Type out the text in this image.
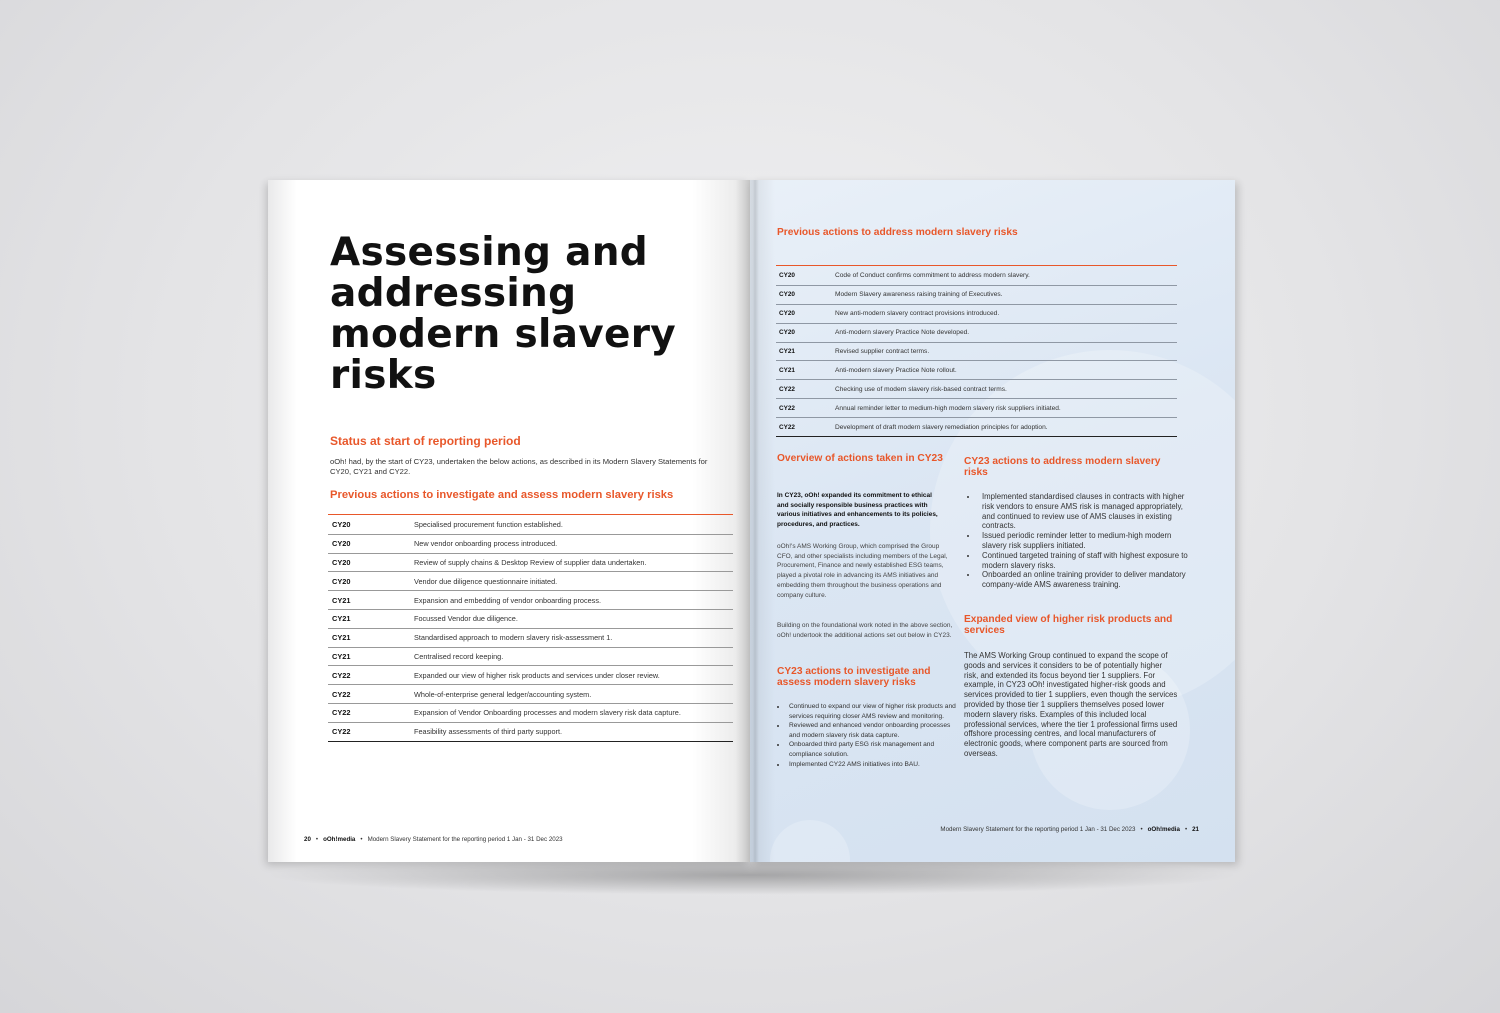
Assessing and addressing modern slavery risks

Status at start of reporting period

oOh! had, by the start of CY23, undertaken the below actions, as described in its Modern Slavery Statements for CY20, CY21 and CY22.

Previous actions to investigate and assess modern slavery risks

CY20	Specialised procurement function established.
CY20	New vendor onboarding process introduced.
CY20	Review of supply chains & Desktop Review of supplier data undertaken.
CY20	Vendor due diligence questionnaire initiated.
CY21	Expansion and embedding of vendor onboarding process.
CY21	Focussed Vendor due diligence.
CY21	Standardised approach to modern slavery risk-assessment 1.
CY21	Centralised record keeping.
CY22	Expanded our view of higher risk products and services under closer review.
CY22	Whole-of-enterprise general ledger/accounting system.
CY22	Expansion of Vendor Onboarding processes and modern slavery risk data capture.
CY22	Feasibility assessments of third party support.
20 • oOh!media • Modern Slavery Statement for the reporting period 1 Jan - 31 Dec 2023

Previous actions to address modern slavery risks

CY20	Code of Conduct confirms commitment to address modern slavery.
CY20	Modern Slavery awareness raising training of Executives.
CY20	New anti-modern slavery contract provisions introduced.
CY20	Anti-modern slavery Practice Note developed.
CY21	Revised supplier contract terms.
CY21	Anti-modern slavery Practice Note rollout.
CY22	Checking use of modern slavery risk-based contract terms.
CY22	Annual reminder letter to medium-high modern slavery risk suppliers initiated.
CY22	Development of draft modern slavery remediation principles for adoption.

Overview of actions taken in CY23

In CY23, oOh! expanded its commitment to ethical and socially responsible business practices with various initiatives and enhancements to its policies, procedures, and practices.

oOh!'s AMS Working Group, which comprised the Group CFO, and other specialists including members of the Legal, Procurement, Finance and newly established ESG teams, played a pivotal role in advancing its AMS initiatives and embedding them throughout the business operations and company culture.

Building on the foundational work noted in the above section, oOh! undertook the additional actions set out below in CY23.

CY23 actions to investigate and assess modern slavery risks

• Continued to expand our view of higher risk products and services requiring closer AMS review and monitoring.
• Reviewed and enhanced vendor onboarding processes and modern slavery risk data capture.
• Onboarded third party ESG risk management and compliance solution.
• Implemented CY22 AMS initiatives into BAU.

CY23 actions to address modern slavery risks

• Implemented standardised clauses in contracts with higher risk vendors to ensure AMS risk is managed appropriately, and continued to review use of AMS clauses in existing contracts.
• Issued periodic reminder letter to medium-high modern slavery risk suppliers initiated.
• Continued targeted training of staff with highest exposure to modern slavery risks.
• Onboarded an online training provider to deliver mandatory company-wide AMS awareness training.

Expanded view of higher risk products and services

The AMS Working Group continued to expand the scope of goods and services it considers to be of potentially higher risk, and extended its focus beyond tier 1 suppliers. For example, in CY23 oOh! investigated higher-risk goods and services provided to tier 1 suppliers, even though the services provided by those tier 1 suppliers themselves posed lower modern slavery risks. Examples of this included local professional services, where the tier 1 professional firms used offshore processing centres, and local manufacturers of electronic goods, where component parts are sourced from overseas.

Modern Slavery Statement for the reporting period 1 Jan - 31 Dec 2023 • oOh!media • 21
